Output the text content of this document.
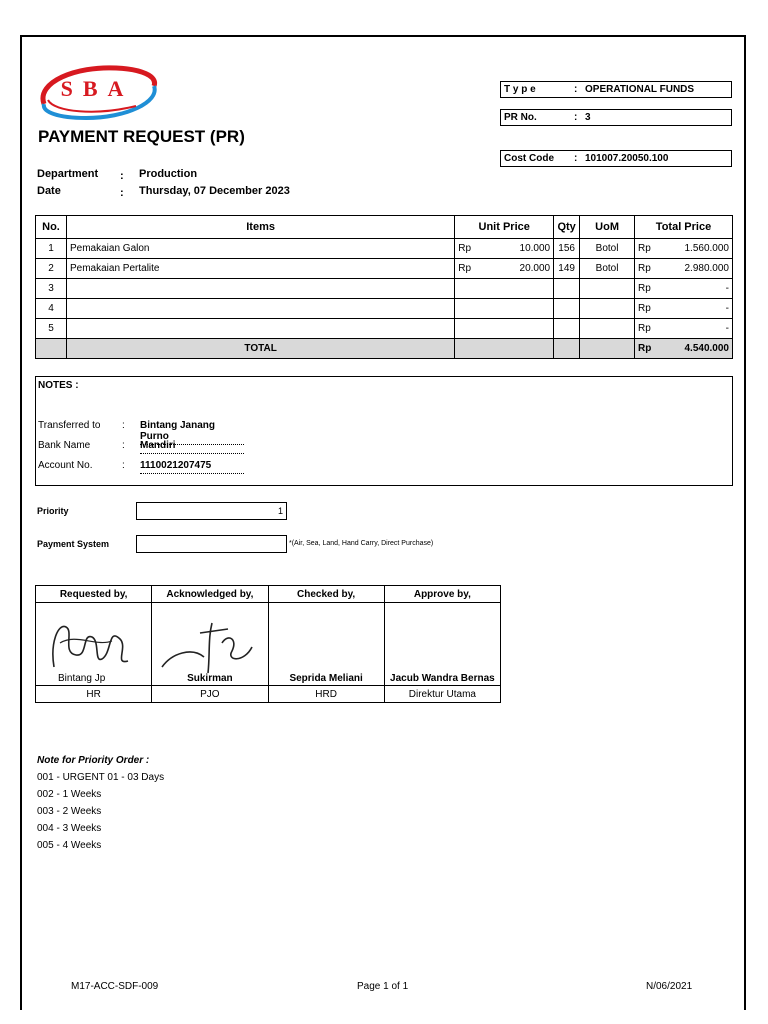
SBA
PAYMENT REQUEST (PR)
T y p e	: OPERATIONAL FUNDS
PR No.	: 3
Cost Code : 101007.20050.100
Department : Production
Date	: Thursday, 07 December 2023
No.	Items	Unit Price	Qty	UoM	Total Price
1	Pemakaian Galon	Rp 10.000	156	Botol	Rp 1.560.000

2	Pemakaian Pertalite	Rp 20.000	149	Botol	Rp 2.980.000

3					Rp -

4					Rp -

5					Rp -

	TOTAL				Rp 4.540.000
NOTES :
Transferred to	: Bintang Janang Purno
Bank Name	: Mandiri
Account No.	: 1110021207475
Priority	1
Payment System	*(Air, Sea, Land, Hand Carry, Direct Purchase)
Requested by,	Acknowledged by,	Checked by,	Approve by,

Bintang Jp	Sukirman	Seprida Meliani	Jacub Wandra Bernas

HR	PJO	HRD	Direktur Utama
Note for Priority Order :
001 - URGENT 01 - 03 Days
002 - 1 Weeks
003 - 2 Weeks
004 - 3 Weeks
005 - 4 Weeks
M17-ACC-SDF-009	Page 1 of 1	N/06/2021
